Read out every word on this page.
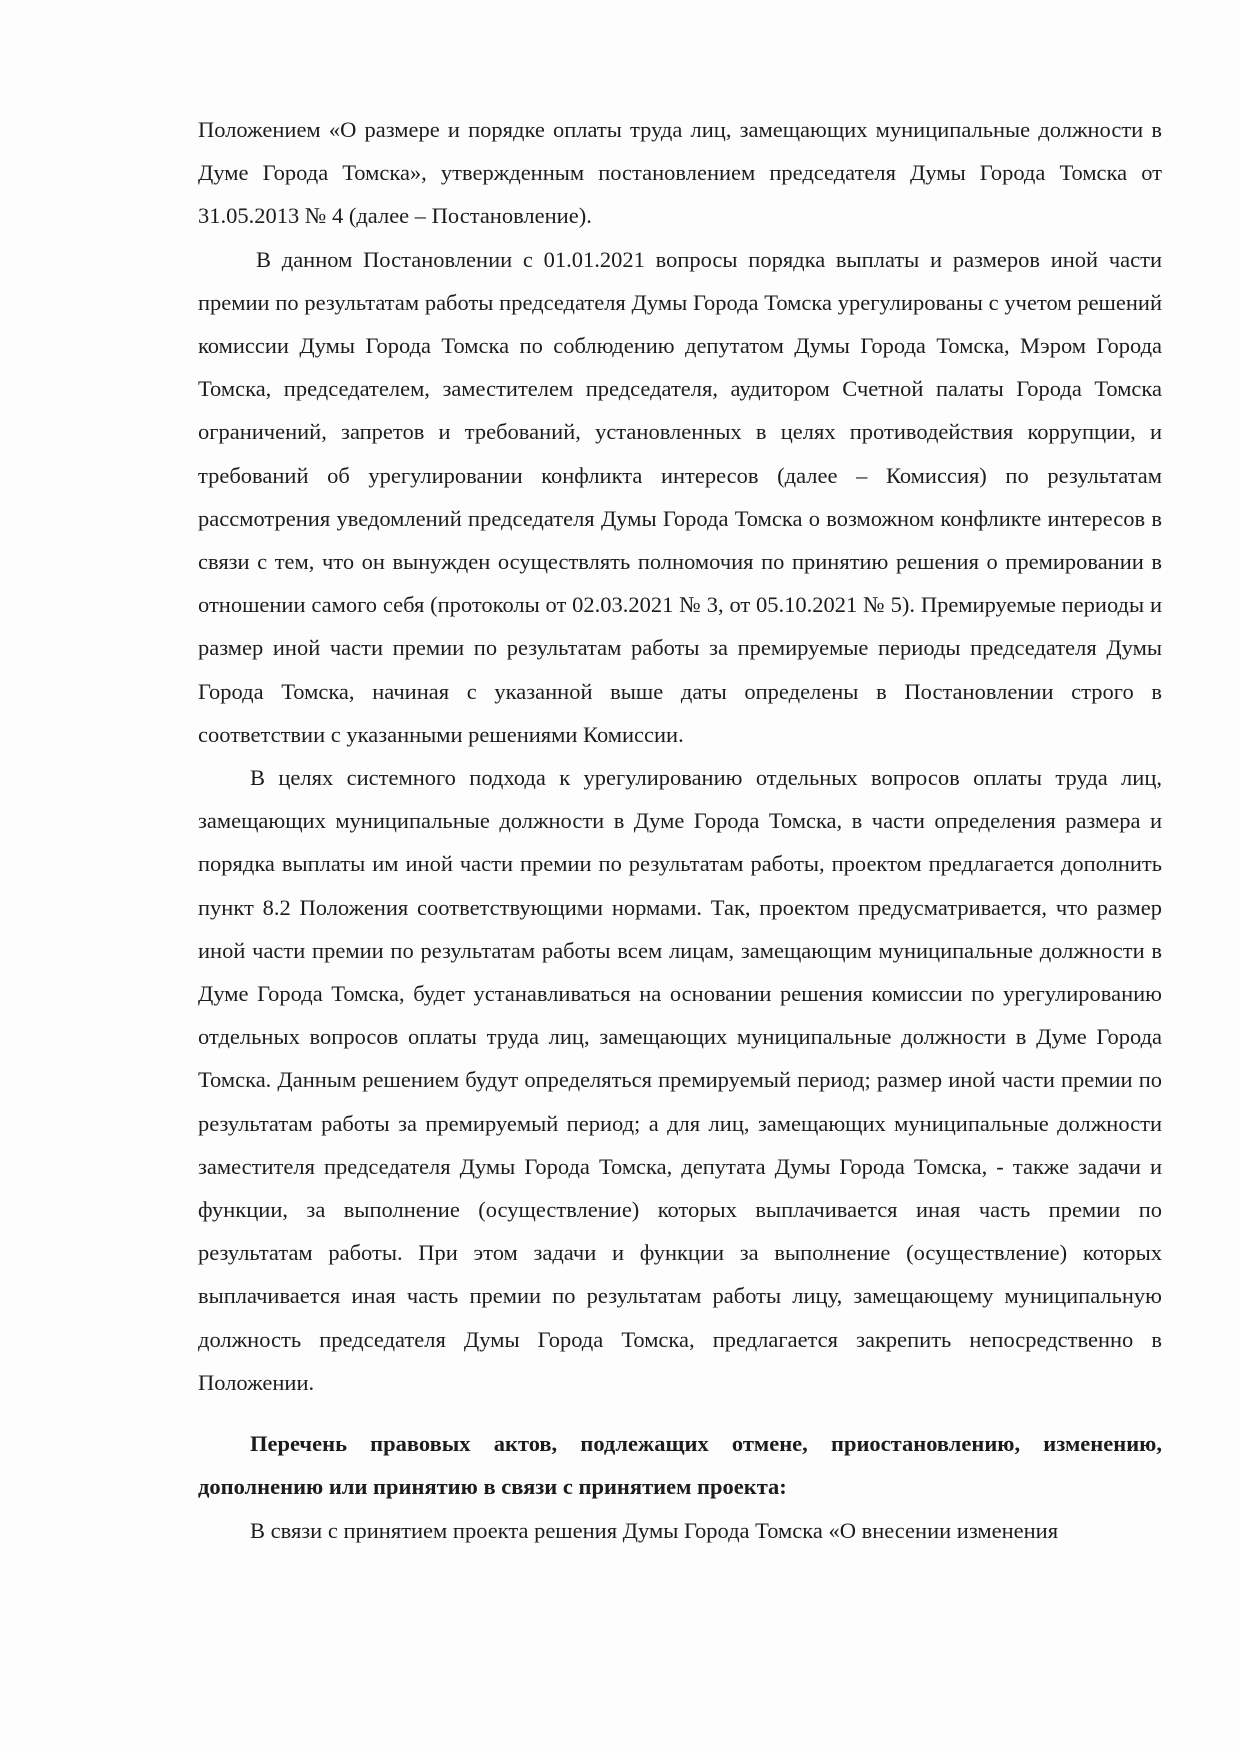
Положением «О размере и порядке оплаты труда лиц, замещающих муниципальные должности в Думе Города Томска», утвержденным постановлением председателя Думы Города Томска от 31.05.2013 № 4 (далее – Постановление).

В данном Постановлении с 01.01.2021 вопросы порядка выплаты и размеров иной части премии по результатам работы председателя Думы Города Томска урегулированы с учетом решений комиссии Думы Города Томска по соблюдению депутатом Думы Города Томска, Мэром Города Томска, председателем, заместителем председателя, аудитором Счетной палаты Города Томска ограничений, запретов и требований, установленных в целях противодействия коррупции, и требований об урегулировании конфликта интересов (далее – Комиссия) по результатам рассмотрения уведомлений председателя Думы Города Томска о возможном конфликте интересов в связи с тем, что он вынужден осуществлять полномочия по принятию решения о премировании в отношении самого себя (протоколы от 02.03.2021 № 3, от 05.10.2021 № 5). Премируемые периоды и размер иной части премии по результатам работы за премируемые периоды председателя Думы Города Томска, начиная с указанной выше даты определены в Постановлении строго в соответствии с указанными решениями Комиссии.

В целях системного подхода к урегулированию отдельных вопросов оплаты труда лиц, замещающих муниципальные должности в Думе Города Томска, в части определения размера и порядка выплаты им иной части премии по результатам работы, проектом предлагается дополнить пункт 8.2 Положения соответствующими нормами. Так, проектом предусматривается, что размер иной части премии по результатам работы всем лицам, замещающим муниципальные должности в Думе Города Томска, будет устанавливаться на основании решения комиссии по урегулированию отдельных вопросов оплаты труда лиц, замещающих муниципальные должности в Думе Города Томска. Данным решением будут определяться премируемый период; размер иной части премии по результатам работы за премируемый период; а для лиц, замещающих муниципальные должности заместителя председателя Думы Города Томска, депутата Думы Города Томска, - также задачи и функции, за выполнение (осуществление) которых выплачивается иная часть премии по результатам работы. При этом задачи и функции за выполнение (осуществление) которых выплачивается иная часть премии по результатам работы лицу, замещающему муниципальную должность председателя Думы Города Томска, предлагается закрепить непосредственно в Положении.

Перечень правовых актов, подлежащих отмене, приостановлению, изменению, дополнению или принятию в связи с принятием проекта:

В связи с принятием проекта решения Думы Города Томска «О внесении изменения
